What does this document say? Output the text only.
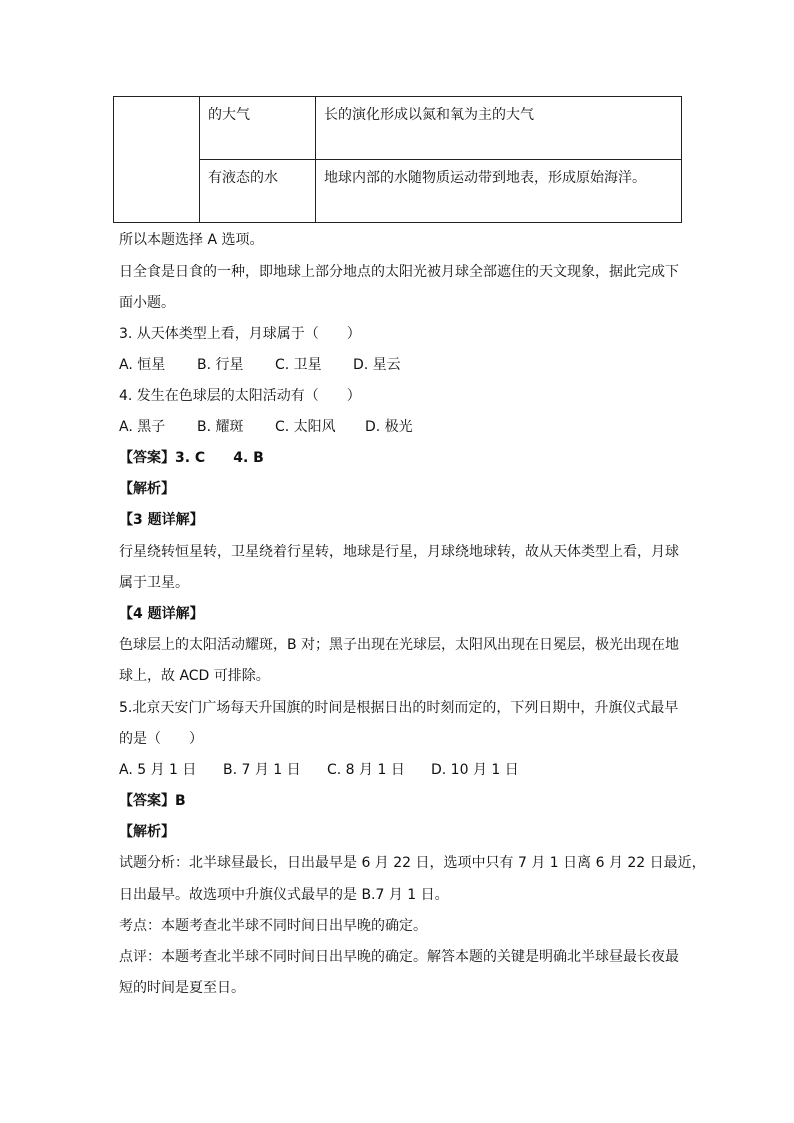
	的大气	长的演化形成以氮和氧为主的大气
	有液态的水	地球内部的水随物质运动带到地表，形成原始海洋。
所以本题选择 A 选项。
日全食是日食的一种，即地球上部分地点的太阳光被月球全部遮住的天文现象，据此完成下
面小题。
3. 从天体类型上看，月球属于（　　）
A. 恒星 B. 行星 C. 卫星 D. 星云
4. 发生在色球层的太阳活动有（　　）
A. 黑子 B. 耀斑 C. 太阳风 D. 极光
【答案】3. C　　4. B
【解析】
【3 题详解】
行星绕转恒星转，卫星绕着行星转，地球是行星，月球绕地球转，故从天体类型上看，月球
属于卫星。
【4 题详解】
色球层上的太阳活动耀斑，B 对；黑子出现在光球层，太阳风出现在日冕层，极光出现在地
球上，故 ACD 可排除。
5.北京天安门广场每天升国旗的时间是根据日出的时刻而定的，下列日期中，升旗仪式最早
的是（　　）
A. 5 月 1 日 B. 7 月 1 日 C. 8 月 1 日 D. 10 月 1 日
【答案】B
【解析】
试题分析：北半球昼最长，日出最早是 6 月 22 日，选项中只有 7 月 1 日离 6 月 22 日最近，
日出最早。故选项中升旗仪式最早的是 B.7 月 1 日。
考点：本题考查北半球不同时间日出早晚的确定。
点评：本题考查北半球不同时间日出早晚的确定。解答本题的关键是明确北半球昼最长夜最
短的时间是夏至日。
